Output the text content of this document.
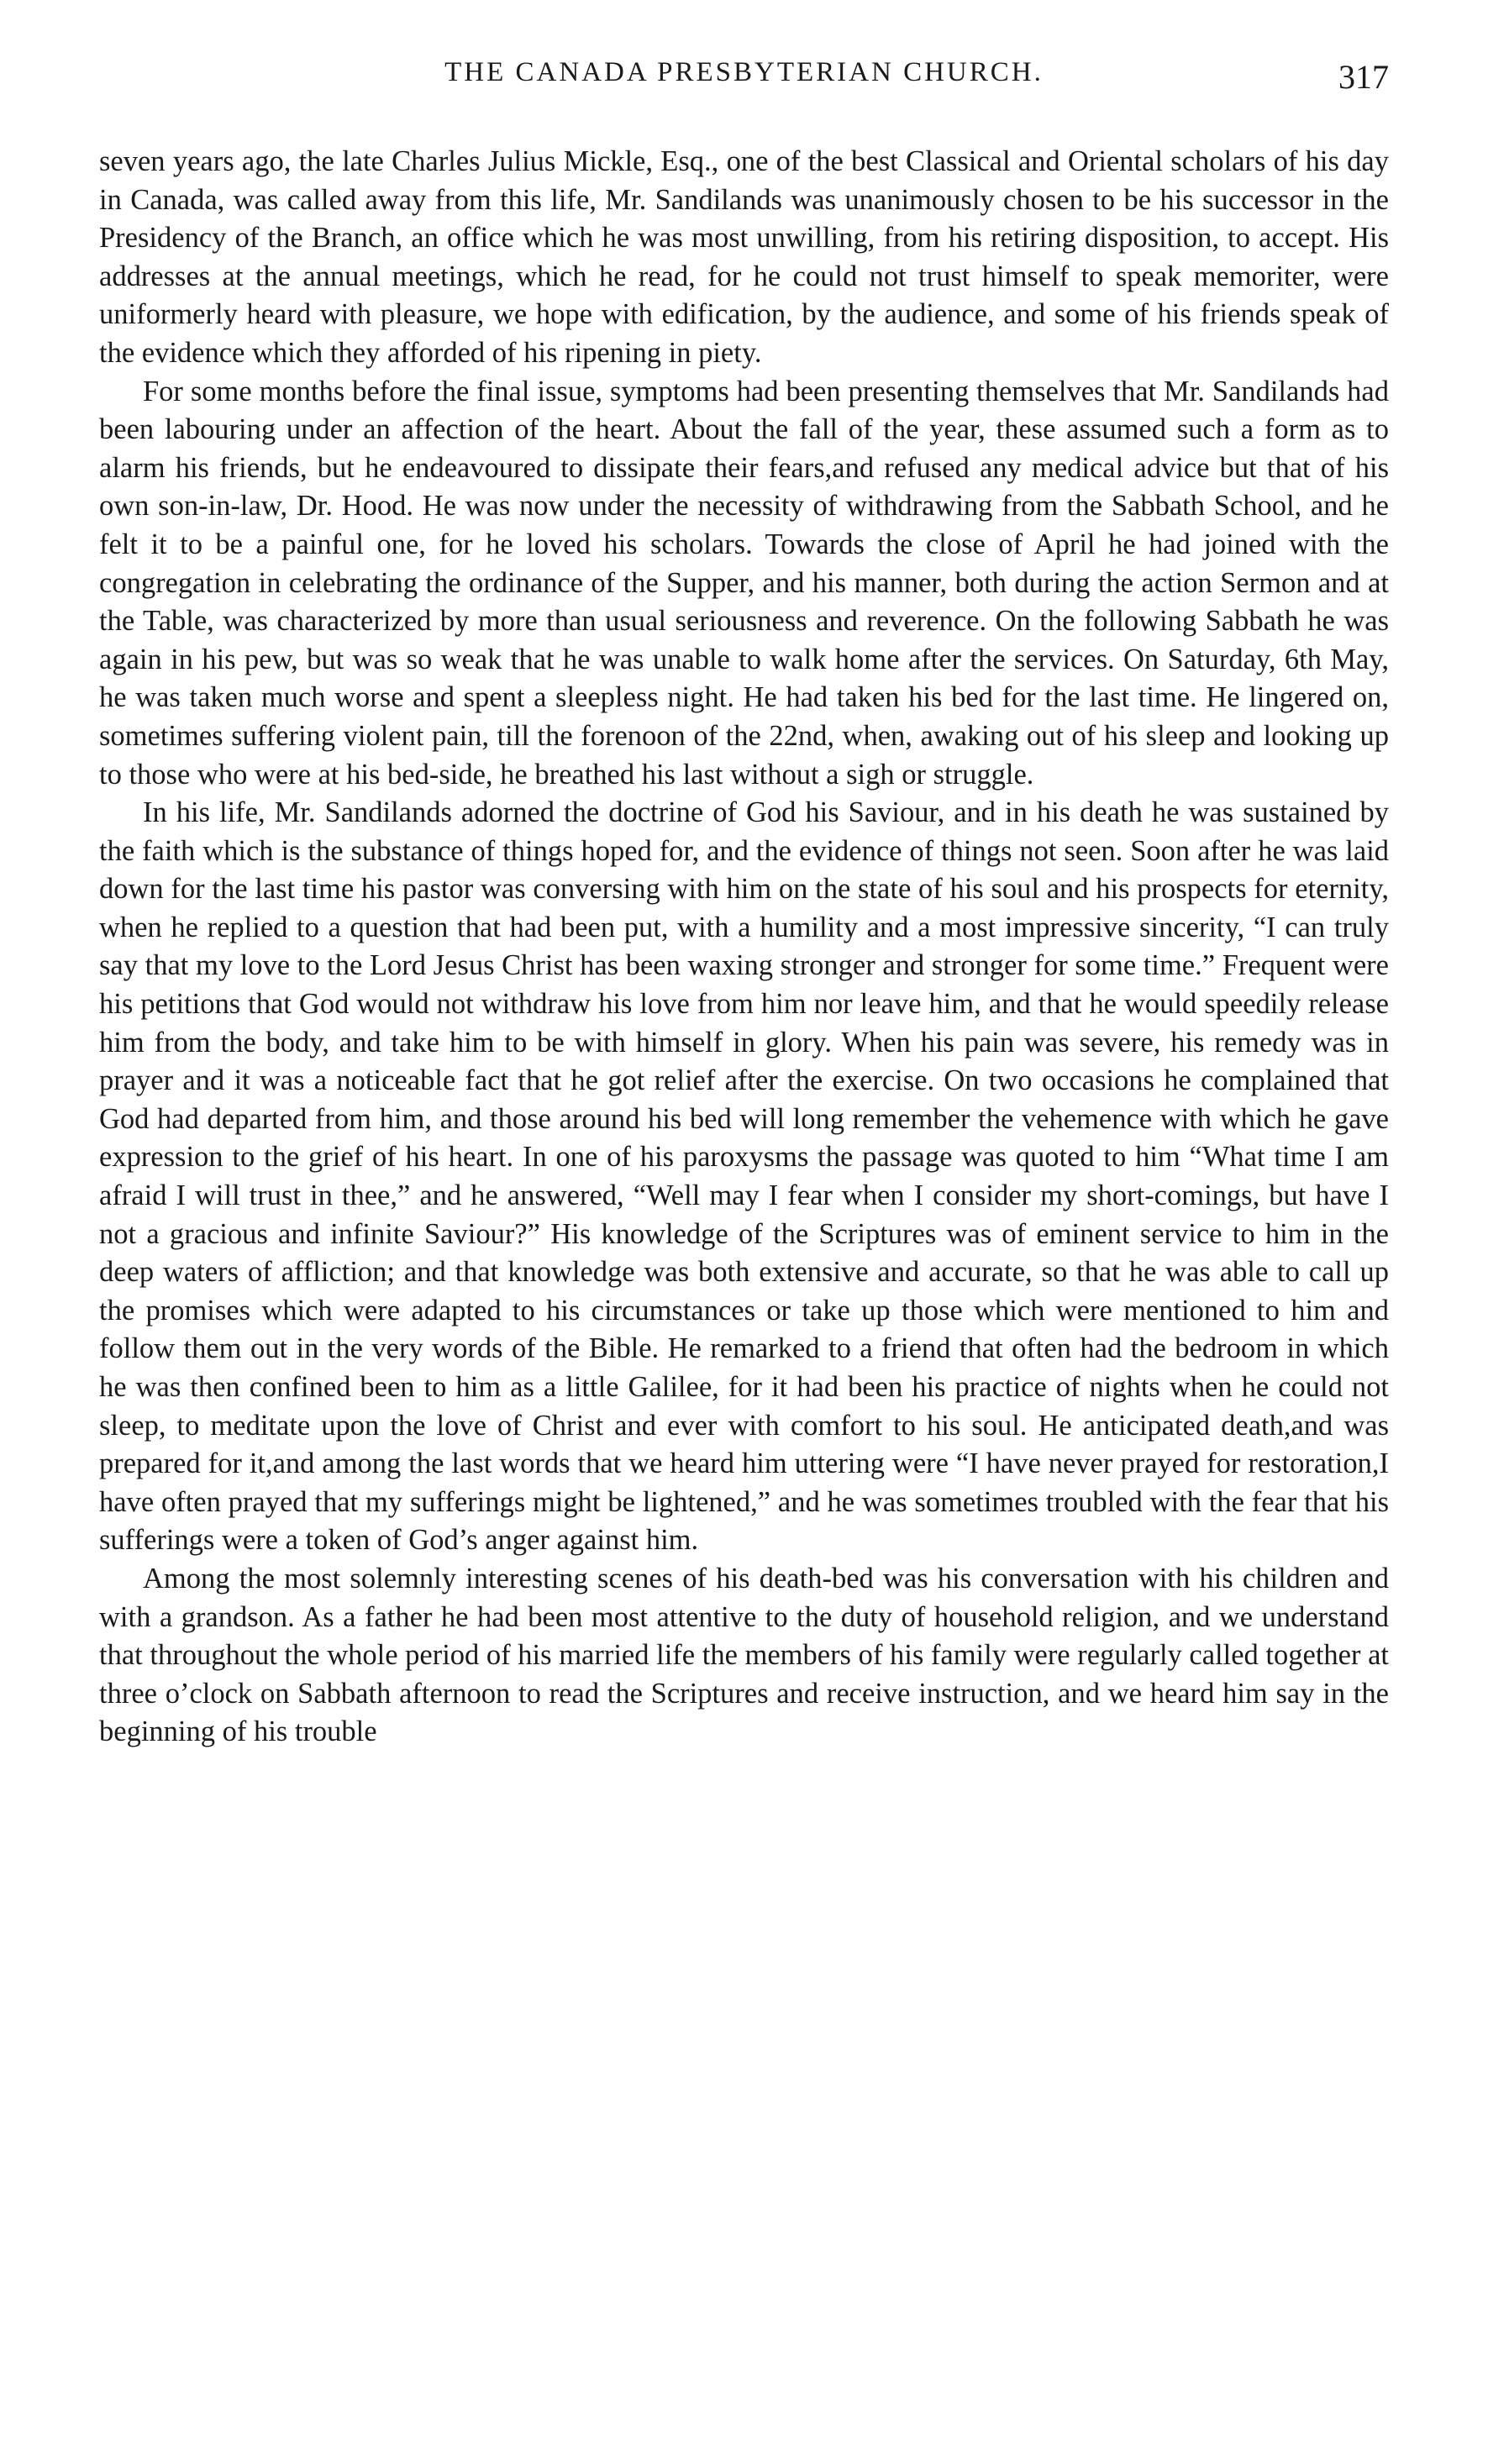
THE CANADA PRESBYTERIAN CHURCH.	317

seven years ago, the late Charles Julius Mickle, Esq., one of the best Classical and Oriental scholars of his day in Canada, was called away from this life, Mr. Sandilands was unanimously chosen to be his successor in the Presidency of the Branch, an office which he was most unwilling, from his retiring disposition, to accept. His addresses at the annual meetings, which he read, for he could not trust himself to speak memoriter, were uniformerly heard with pleasure, we hope with edification, by the audience, and some of his friends speak of the evidence which they afforded of his ripening in piety.

For some months before the final issue, symptoms had been presenting themselves that Mr. Sandilands had been labouring under an affection of the heart. About the fall of the year, these assumed such a form as to alarm his friends, but he endeavoured to dissipate their fears,and refused any medical advice but that of his own son-in-law, Dr. Hood. He was now under the necessity of withdrawing from the Sabbath School, and he felt it to be a painful one, for he loved his scholars. Towards the close of April he had joined with the congregation in celebrating the ordinance of the Supper, and his manner, both during the action Sermon and at the Table, was characterized by more than usual seriousness and reverence. On the following Sabbath he was again in his pew, but was so weak that he was unable to walk home after the services. On Saturday, 6th May, he was taken much worse and spent a sleepless night. He had taken his bed for the last time. He lingered on, sometimes suffering violent pain, till the forenoon of the 22nd, when, awaking out of his sleep and looking up to those who were at his bed-side, he breathed his last without a sigh or struggle.

In his life, Mr. Sandilands adorned the doctrine of God his Saviour, and in his death he was sustained by the faith which is the substance of things hoped for, and the evidence of things not seen. Soon after he was laid down for the last time his pastor was conversing with him on the state of his soul and his prospects for eternity, when he replied to a question that had been put, with a humility and a most impressive sincerity, “I can truly say that my love to the Lord Jesus Christ has been waxing stronger and stronger for some time.” Frequent were his petitions that God would not withdraw his love from him nor leave him, and that he would speedily release him from the body, and take him to be with himself in glory. When his pain was severe, his remedy was in prayer and it was a noticeable fact that he got relief after the exercise. On two occasions he complained that God had departed from him, and those around his bed will long remember the vehemence with which he gave expression to the grief of his heart. In one of his paroxysms the passage was quoted to him “What time I am afraid I will trust in thee,” and he answered, “Well may I fear when I consider my short-comings, but have I not a gracious and infinite Saviour?” His knowledge of the Scriptures was of eminent service to him in the deep waters of affliction; and that knowledge was both extensive and accurate, so that he was able to call up the promises which were adapted to his circumstances or take up those which were mentioned to him and follow them out in the very words of the Bible. He remarked to a friend that often had the bedroom in which he was then confined been to him as a little Galilee, for it had been his practice of nights when he could not sleep, to meditate upon the love of Christ and ever with comfort to his soul. He anticipated death,and was prepared for it,and among the last words that we heard him uttering were “I have never prayed for restoration,I have often prayed that my sufferings might be lightened,” and he was sometimes troubled with the fear that his sufferings were a token of God’s anger against him.

Among the most solemnly interesting scenes of his death-bed was his conversation with his children and with a grandson. As a father he had been most attentive to the duty of household religion, and we understand that throughout the whole period of his married life the members of his family were regularly called together at three o’clock on Sabbath afternoon to read the Scriptures and receive instruction, and we heard him say in the beginning of his trouble
